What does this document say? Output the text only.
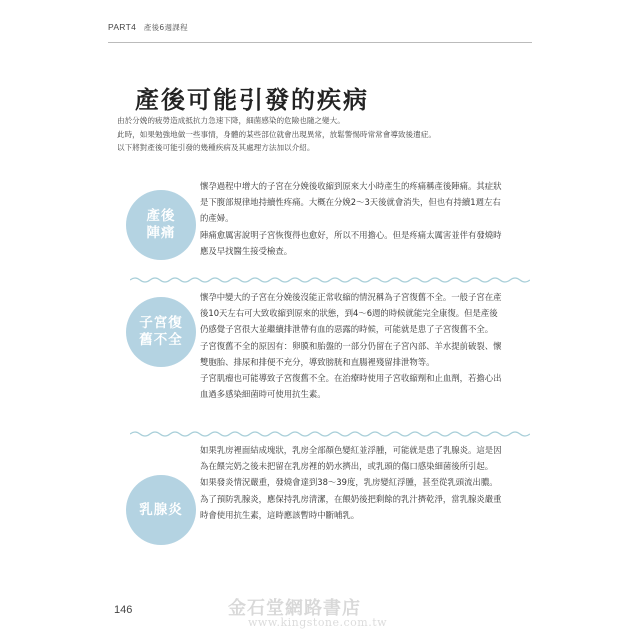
PART4 產後6週課程
產後可能引發的疾病
由於分娩的疲勞造成抵抗力急速下降，細菌感染的危險也隨之變大。
此時，如果勉強地做一些事情，身體的某些部位就會出現異常，放鬆警惕時常常會導致後遺症。
以下將對產後可能引發的幾種疾病及其處理方法加以介紹。
產後
陣痛

懷孕過程中增大的子宮在分娩後收縮到原來大小時產生的疼痛稱產後陣痛。其症狀是下腹部規律地持續性疼痛。大概在分娩2～3天後就會消失，但也有持續1週左右的產婦。

陣痛愈厲害說明子宮恢復得也愈好，所以不用擔心。但是疼痛太厲害並伴有發燒時應及早找醫生接受檢查。

子宮復
舊不全

懷孕中變大的子宮在分娩後沒能正常收縮的情況稱為子宮復舊不全。一般子宮在產後10天左右可大致收縮到原來的狀態，到4～6週的時候就能完全康復。但是產後仍感覺子宮很大並繼續排泄帶有血的惡露的時候，可能就是患了子宮復舊不全。

子宮復舊不全的原因有：卵膜和胎盤的一部分仍留在子宮內部、羊水提前破裂、懷雙胞胎、排尿和排便不充分，導致膀胱和直腸裡殘留排泄物等。

子宮肌瘤也可能導致子宮復舊不全。在治療時使用子宮收縮劑和止血劑，若擔心出血過多感染細菌時可使用抗生素。

乳腺炎

如果乳房裡面結成塊狀，乳房全部顏色變紅並浮腫，可能就是患了乳腺炎。這是因為在餵完奶之後未把留在乳房裡的奶水擠出，或乳頭的傷口感染細菌後所引起。

如果發炎情況嚴重，發燒會達到38～39度，乳房變紅浮腫，甚至從乳頭流出膿。為了預防乳腺炎，應保持乳房清潔，在餵奶後把剩餘的乳汁擠乾淨，當乳腺炎嚴重時會使用抗生素，這時應該暫時中斷哺乳。

146	金石堂網路書店
www.kingstone.com.tw
